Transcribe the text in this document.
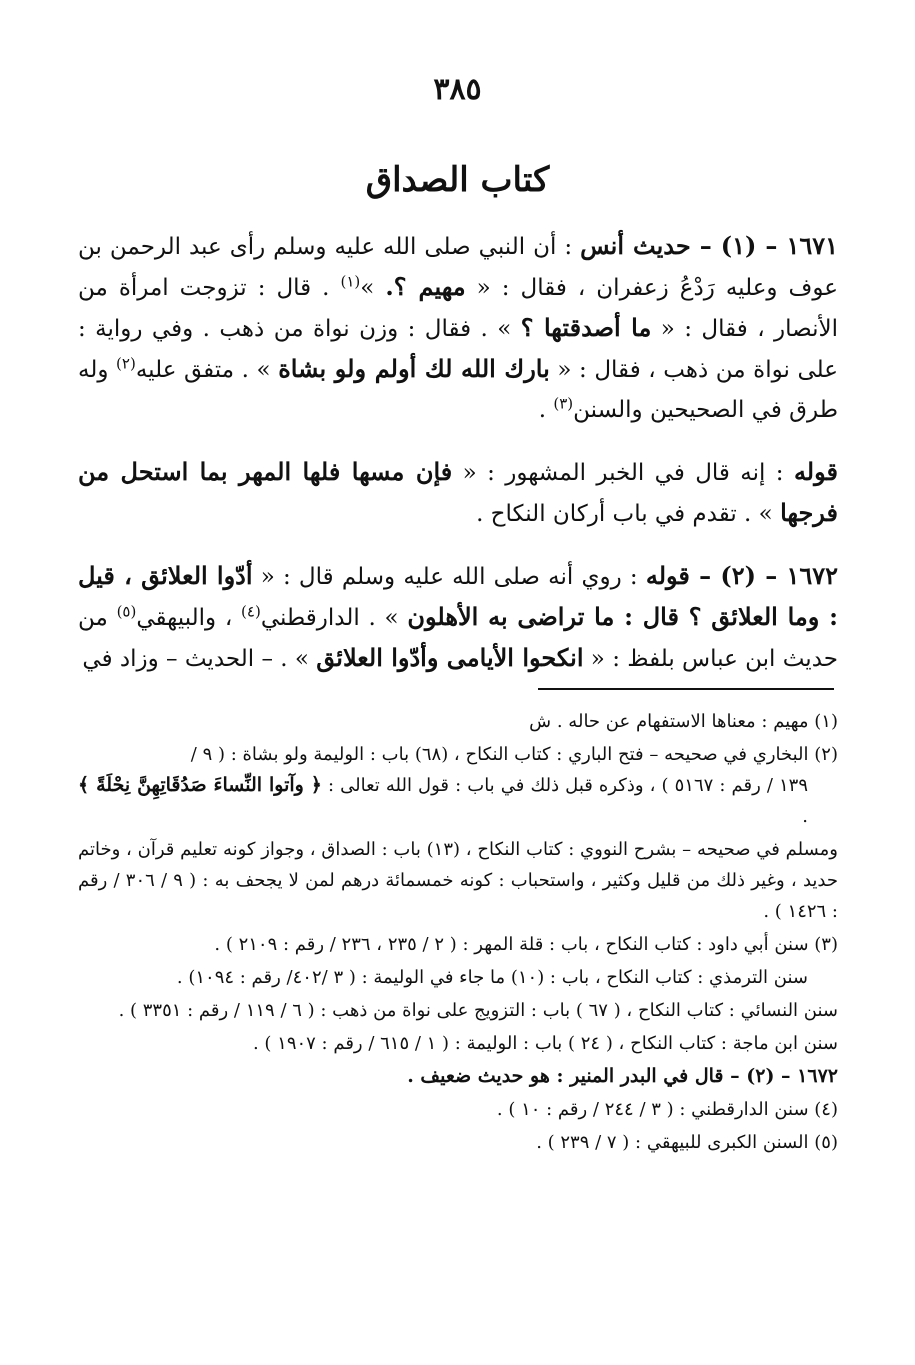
٣٨٥
كتاب الصداق

١٦٧١ – (١) – حديث أنس : أن النبي صلى الله عليه وسلم رأى عبد الرحمن بن عوف وعليه رَدْعُ زعفران ، فقال : « مهيم ؟. »$^{(١)}$ . قال : تزوجت امرأة من الأنصار ، فقال : « ما أصدقتها ؟ » . فقال : وزن نواة من ذهب . وفي رواية : على نواة من ذهب ، فقال : « بارك الله لك أولم ولو بشاة » . متفق عليه$^{(٢)}$ وله طرق في الصحيحين والسنن$^{(٣)}$ .

قوله : إنه قال في الخبر المشهور : « فإن مسها فلها المهر بما استحل من فرجها » . تقدم في باب أركان النكاح .

١٦٧٢ – (٢) – قوله : روي أنه صلى الله عليه وسلم قال : « أدّوا العلائق ، قيل : وما العلائق ؟ قال : ما تراضى به الأهلون » . الدارقطني$^{(٤)}$ ، والبيهقي$^{(٥)}$ من حديث ابن عباس بلفظ : « انكحوا الأيامى وأدّوا العلائق » . – الحديث – وزاد في

(١) مهيم : معناها الاستفهام عن حاله . ش
(٢) البخاري في صحيحه – فتح الباري : كتاب النكاح ، (٦٨) باب : الوليمة ولو بشاة : ( ٩ /
١٣٩ / رقم : ٥١٦٧ ) ، وذكره قبل ذلك في باب : قول الله تعالى : ﴿ وآتوا النِّساءَ صَدُقَاتِهِنَّ نِحْلَةً ﴾ .
ومسلم في صحيحه – بشرح النووي : كتاب النكاح ، (١٣) باب : الصداق ، وجواز كونه تعليم قرآن ، وخاتم حديد ، وغير ذلك من قليل وكثير ، واستحباب : كونه خمسمائة درهم لمن لا يجحف به : ( ٩ / ٣٠٦ / رقم : ١٤٢٦ ) .
(٣) سنن أبي داود : كتاب النكاح ، باب : قلة المهر : ( ٢ / ٢٣٥ ، ٢٣٦ / رقم : ٢١٠٩ ) .
سنن الترمذي : كتاب النكاح ، باب : (١٠) ما جاء في الوليمة : ( ٣ /٤٠٢/ رقم : ١٠٩٤) .
سنن النسائي : كتاب النكاح ، ( ٦٧ ) باب : التزويج على نواة من ذهب : ( ٦ / ١١٩ / رقم : ٣٣٥١ ) .
سنن ابن ماجة : كتاب النكاح ، ( ٢٤ ) باب : الوليمة : ( ١ / ٦١٥ / رقم : ١٩٠٧ ) .
١٦٧٢ – (٢) – قال في البدر المنير : هو حديث ضعيف .
(٤) سنن الدارقطني : ( ٣ / ٢٤٤ / رقم : ١٠ ) .
(٥) السنن الكبرى للبيهقي : ( ٧ / ٢٣٩ ) .
